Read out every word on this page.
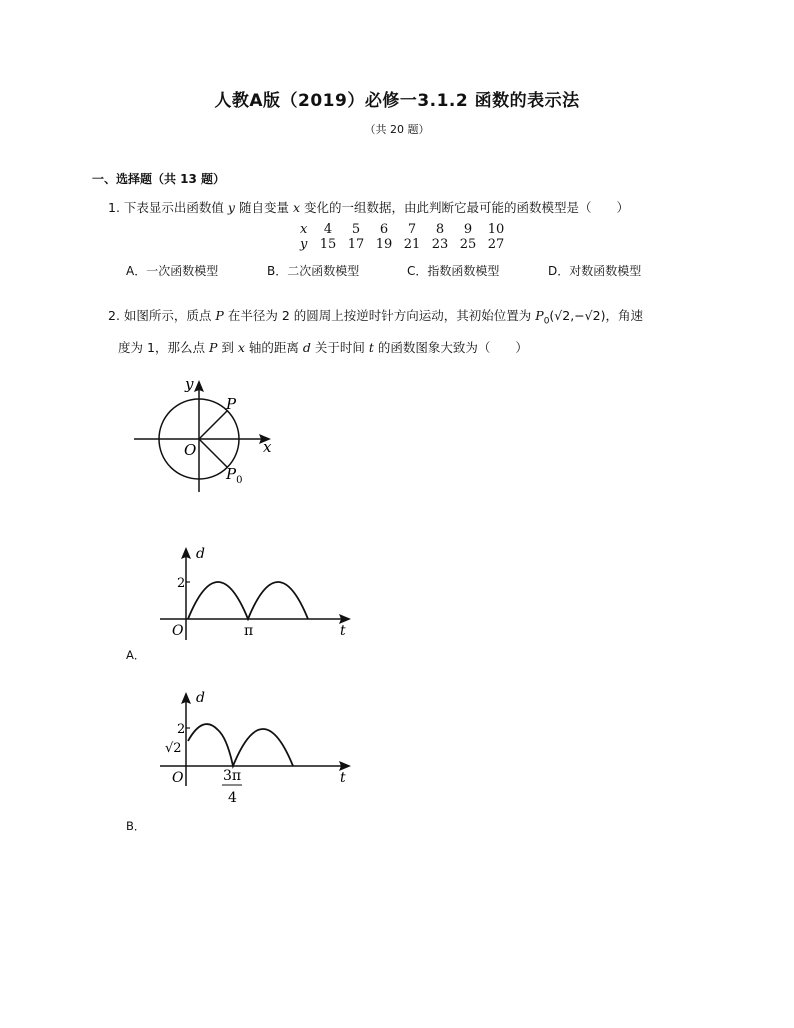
人教A版（2019）必修一3.1.2 函数的表示法
（共 20 题）
一、选择题（共 13 题）
1. 下表显示出函数值 y 随自变量 x 变化的一组数据，由此判断它最可能的函数模型是（　　）
x	4	5	6	7	8	9	10
y	15	17	19	21	23	25	27
A．一次函数模型	B．二次函数模型	C．指数函数模型	D．对数函数模型
2. 如图所示，质点 P 在半径为 2 的圆周上按逆时针方向运动，其初始位置为 $P_0(√2,-√2)$，角速
度为 1，那么点 P 到 x 轴的距离 d 关于时间 t 的函数图象大致为（　　）
y
x
O
P
$P_0$
d
2
O	π	t
A．
d
2
√2
O	3π
4
t
B．
